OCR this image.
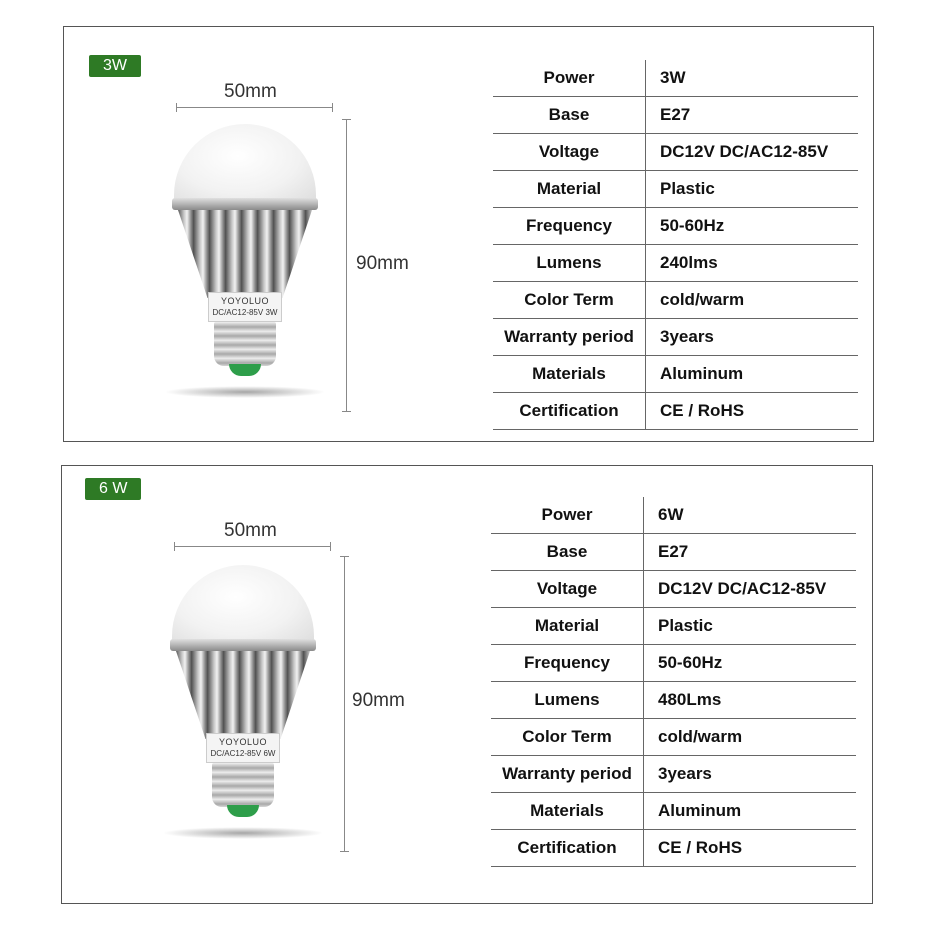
3W
50mm
90mm
YOYOLUO
DC/AC12-85V 3W
Power	3W
Base	E27
Voltage	DC12V DC/AC12-85V
Material	Plastic
Frequency	50-60Hz
Lumens	240lms
Color Term	cold/warm
Warranty period	3years
Materials	Aluminum
Certification	CE / RoHS
6 W
50mm
90mm
YOYOLUO
DC/AC12-85V 6W
Power	6W
Base	E27
Voltage	DC12V DC/AC12-85V
Material	Plastic
Frequency	50-60Hz
Lumens	480Lms
Color Term	cold/warm
Warranty period	3years
Materials	Aluminum
Certification	CE / RoHS
